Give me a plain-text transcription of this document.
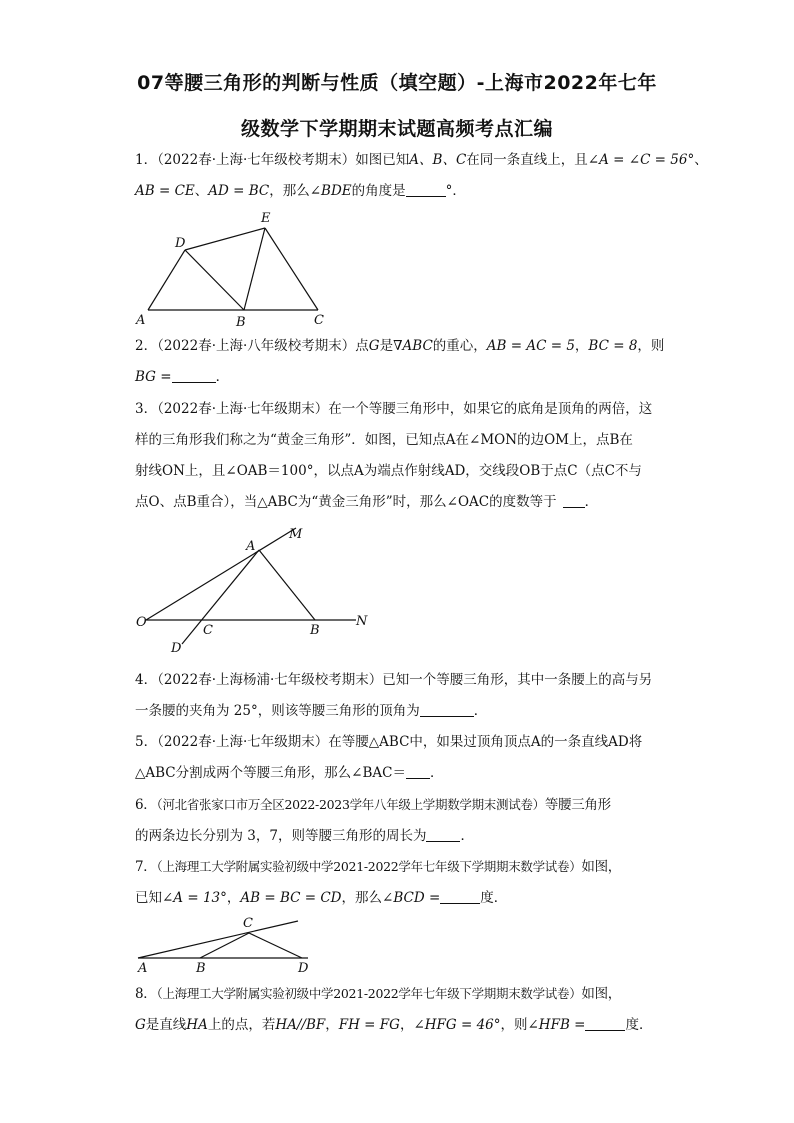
07等腰三角形的判断与性质（填空题）-上海市2022年七年
级数学下学期期末试题高频考点汇编
1．（2022春·上海·七年级校考期末）如图已知A、B、C在同一条直线上，且∠A = ∠C = 56°、
AB = CE、AD = BC，那么∠BDE的角度是	°．
D
E
A	B	C
2．（2022春·上海·八年级校考期末）点G是∇ABC的重心，AB = AC = 5，BC = 8，则
BG =	．
3．（2022春·上海·七年级期末）在一个等腰三角形中，如果它的底角是顶角的两倍，这
样的三角形我们称之为“黄金三角形”．如图，已知点A在∠MON的边OM上，点B在
射线ON上，且∠OAB＝100°，以点A为端点作射线AD，交线段OB于点C（点C不与
点O、点B重合），当△ABC为“黄金三角形”时，那么∠OAC的度数等于 ．
A
M
O
C	B
N
D
4．（2022春·上海杨浦·七年级校考期末）已知一个等腰三角形，其中一条腰上的高与另
一条腰的夹角为 25°，则该等腰三角形的顶角为	．
5．（2022春·上海·七年级期末）在等腰△ABC中，如果过顶角顶点A的一条直线AD将
△ABC分割成两个等腰三角形，那么∠BAC＝ ．
6．（河北省张家口市万全区2022-2023学年八年级上学期数学期末测试卷）等腰三角形
的两条边长分别为 3，7，则等腰三角形的周长为	．
7．（上海理工大学附属实验初级中学2021-2022学年七年级下学期期末数学试卷）如图，
已知∠A = 13°，AB = BC = CD，那么∠BCD =	度．
C
A	B	D
8．（上海理工大学附属实验初级中学2021-2022学年七年级下学期期末数学试卷）如图，
G是直线HA上的点，若HA//BF，FH = FG，∠HFG = 46°，则∠HFB =	度．
